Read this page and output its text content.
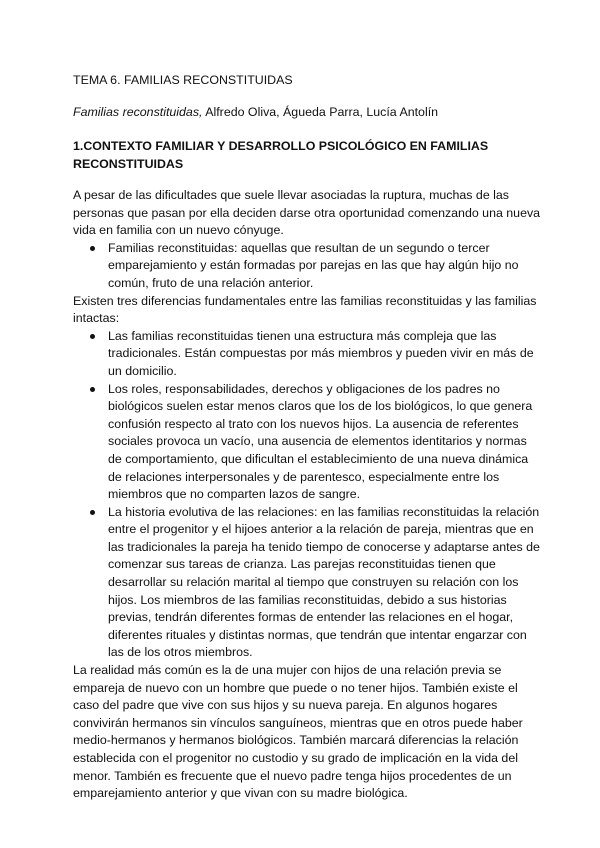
TEMA 6. FAMILIAS RECONSTITUIDAS

Familias reconstituidas, Alfredo Oliva, Águeda Parra, Lucía Antolín

1.CONTEXTO FAMILIAR Y DESARROLLO PSICOLÓGICO EN FAMILIAS RECONSTITUIDAS

A pesar de las dificultades que suele llevar asociadas la ruptura, muchas de las personas que pasan por ella deciden darse otra oportunidad comenzando una nueva vida en familia con un nuevo cónyuge.

Familias reconstituidas: aquellas que resultan de un segundo o tercer emparejamiento y están formadas por parejas en las que hay algún hijo no común, fruto de una relación anterior.

Existen tres diferencias fundamentales entre las familias reconstituidas y las familias intactas:

Las familias reconstituidas tienen una estructura más compleja que las tradicionales. Están compuestas por más miembros y pueden vivir en más de un domicilio.
Los roles, responsabilidades, derechos y obligaciones de los padres no biológicos suelen estar menos claros que los de los biológicos, lo que genera confusión respecto al trato con los nuevos hijos. La ausencia de referentes sociales provoca un vacío, una ausencia de elementos identitarios y normas de comportamiento, que dificultan el establecimiento de una nueva dinámica de relaciones interpersonales y de parentesco, especialmente entre los miembros que no comparten lazos de sangre.
La historia evolutiva de las relaciones: en las familias reconstituidas la relación entre el progenitor y el hijoes anterior a la relación de pareja, mientras que en las tradicionales la pareja ha tenido tiempo de conocerse y adaptarse antes de comenzar sus tareas de crianza. Las parejas reconstituidas tienen que desarrollar su relación marital al tiempo que construyen su relación con los hijos. Los miembros de las familias reconstituidas, debido a sus historias previas, tendrán diferentes formas de entender las relaciones en el hogar, diferentes rituales y distintas normas, que tendrán que intentar engarzar con las de los otros miembros.

La realidad más común es la de una mujer con hijos de una relación previa se empareja de nuevo con un hombre que puede o no tener hijos. También existe el caso del padre que vive con sus hijos y su nueva pareja. En algunos hogares convivirán hermanos sin vínculos sanguíneos, mientras que en otros puede haber medio-hermanos y hermanos biológicos. También marcará diferencias la relación establecida con el progenitor no custodio y su grado de implicación en la vida del menor. También es frecuente que el nuevo padre tenga hijos procedentes de un emparejamiento anterior y que vivan con su madre biológica.
